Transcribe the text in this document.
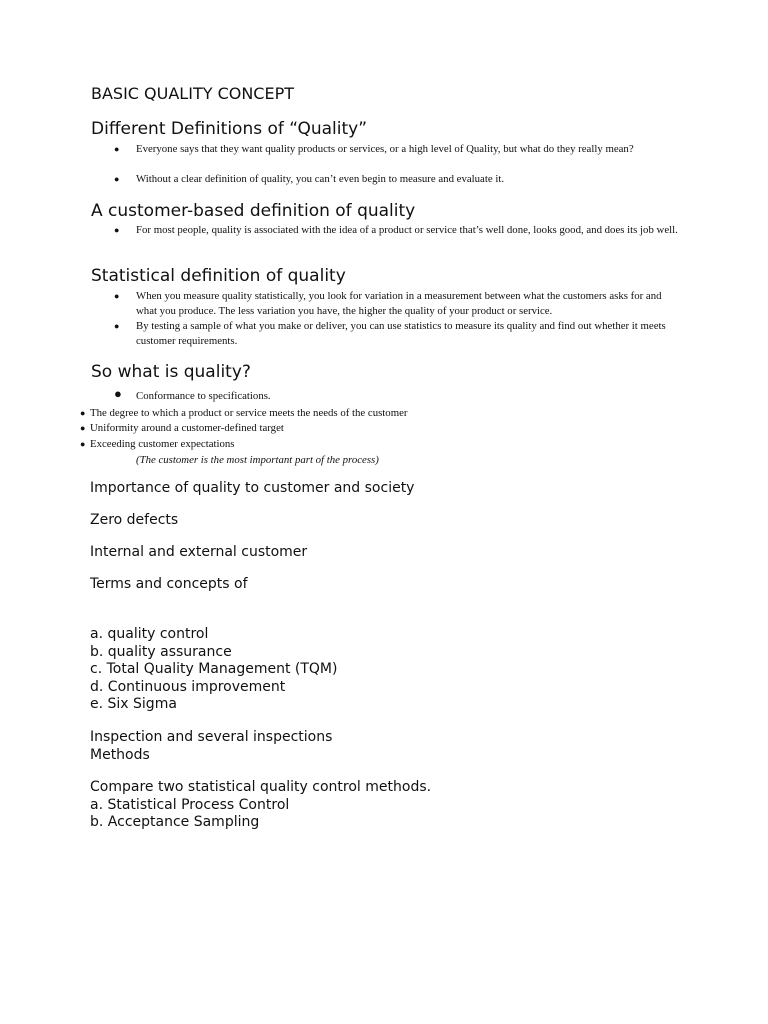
BASIC QUALITY CONCEPT
Different Definitions of “Quality”
● Everyone says that they want quality products or services, or a high level of Quality, but what do they really mean?
● Without a clear definition of quality, you can’t even begin to measure and evaluate it.
A customer-based definition of quality
● For most people, quality is associated with the idea of a product or service that’s well done, looks good, and does its job well.
Statistical definition of quality
● When you measure quality statistically, you look for variation in a measurement between what the customers asks for and what you produce. The less variation you have, the higher the quality of your product or service.
● By testing a sample of what you make or deliver, you can use statistics to measure its quality and find out whether it meets customer requirements.
So what is quality?
● Conformance to specifications.
● The degree to which a product or service meets the needs of the customer
● Uniformity around a customer-defined target
● Exceeding customer expectations
(The customer is the most important part of the process)

Importance of quality to customer and society

Zero defects

Internal and external customer

Terms and concepts of

a. quality control

b. quality assurance

c. Total Quality Management (TQM)

d. Continuous improvement

e. Six Sigma

Inspection and several inspections

Methods

Compare two statistical quality control methods.

a. Statistical Process Control

b. Acceptance Sampling
